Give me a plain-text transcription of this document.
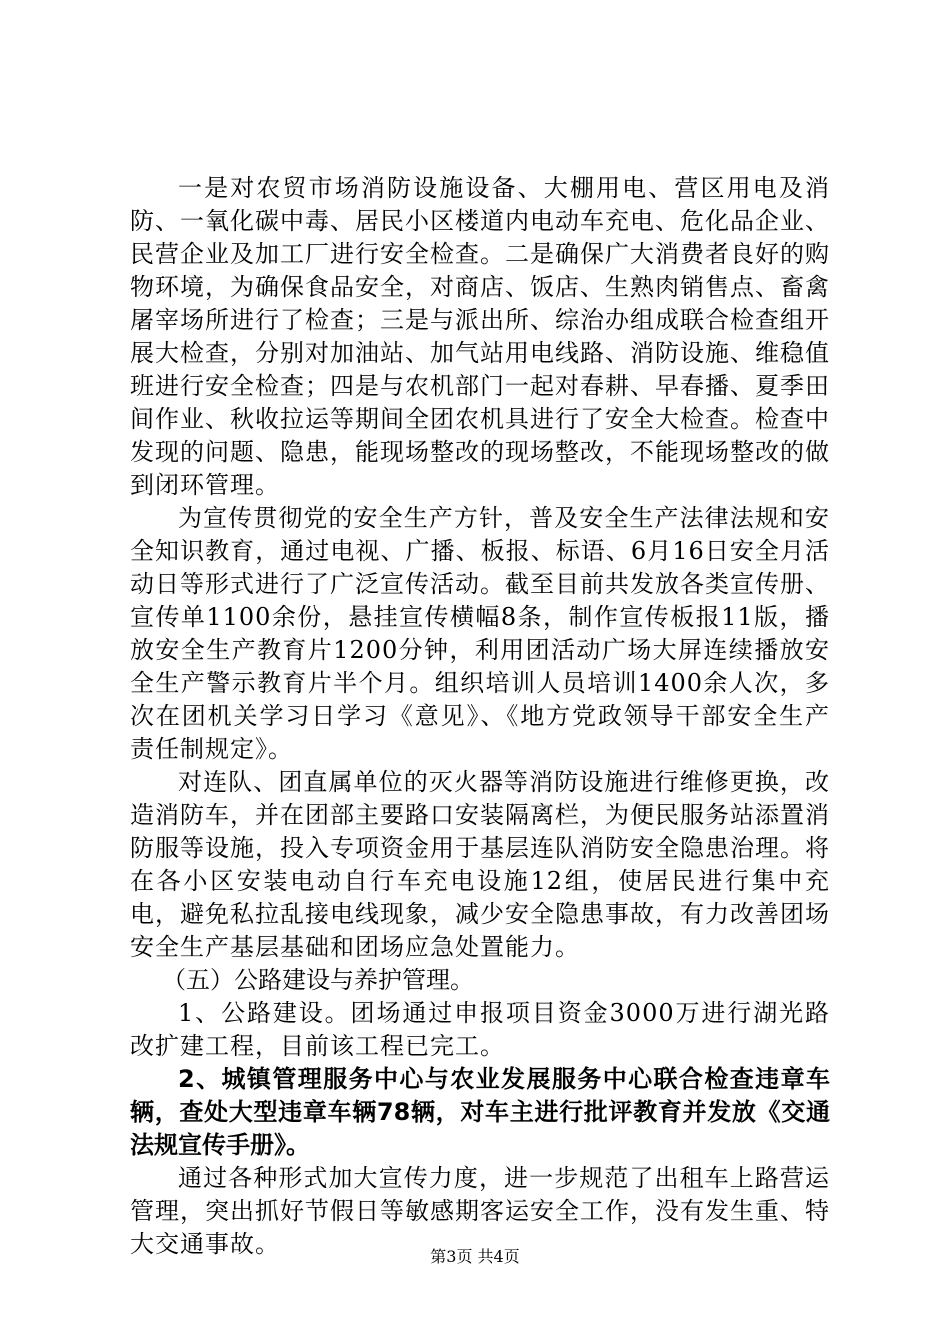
一是对农贸市场消防设施设备、大棚用电、营区用电及消防、一氧化碳中毒、居民小区楼道内电动车充电、危化品企业、民营企业及加工厂进行安全检查。二是确保广大消费者良好的购物环境，为确保食品安全，对商店、饭店、生熟肉销售点、畜禽屠宰场所进行了检查；三是与派出所、综治办组成联合检查组开展大检查，分别对加油站、加气站用电线路、消防设施、维稳值班进行安全检查；四是与农机部门一起对春耕、早春播、夏季田间作业、秋收拉运等期间全团农机具进行了安全大检查。检查中发现的问题、隐患，能现场整改的现场整改，不能现场整改的做到闭环管理。

为宣传贯彻党的安全生产方针，普及安全生产法律法规和安全知识教育，通过电视、广播、板报、标语、6月16日安全月活动日等形式进行了广泛宣传活动。截至目前共发放各类宣传册、宣传单1100余份，悬挂宣传横幅8条，制作宣传板报11版，播放安全生产教育片1200分钟，利用团活动广场大屏连续播放安全生产警示教育片半个月。组织培训人员培训1400余人次，多次在团机关学习日学习《意见》、《地方党政领导干部安全生产责任制规定》。

对连队、团直属单位的灭火器等消防设施进行维修更换，改造消防车，并在团部主要路口安装隔离栏，为便民服务站添置消防服等设施，投入专项资金用于基层连队消防安全隐患治理。将在各小区安装电动自行车充电设施12组，使居民进行集中充电，避免私拉乱接电线现象，减少安全隐患事故，有力改善团场安全生产基层基础和团场应急处置能力。

（五）公路建设与养护管理。

1、公路建设。团场通过申报项目资金3000万进行湖光路改扩建工程，目前该工程已完工。

2、城镇管理服务中心与农业发展服务中心联合检查违章车辆，查处大型违章车辆78辆，对车主进行批评教育并发放《交通法规宣传手册》。

通过各种形式加大宣传力度，进一步规范了出租车上路营运管理，突出抓好节假日等敏感期客运安全工作，没有发生重、特大交通事故。	第3页 共4页
